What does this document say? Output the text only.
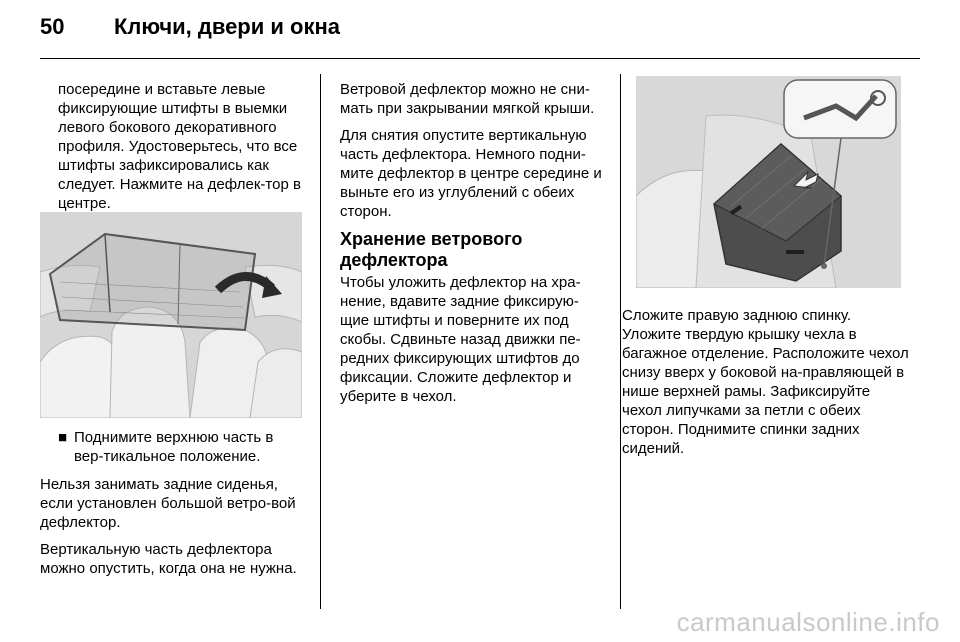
50 Ключи, двери и окна

посередине и вставьте левые фиксирующие штифты в выемки левого бокового декоративного профиля. Удостоверьтесь, что все штифты зафиксировались как следует. Нажмите на дефлек-тор в центре.

■ Поднимите верхнюю часть в вер-тикальное положение.

Нельзя занимать задние сиденья, если установлен большой ветро-вой дефлектор.

Вертикальную часть дефлектора можно опустить, когда она не нужна.

Ветровой дефлектор можно не сни-мать при закрывании мягкой крыши.

Для снятия опустите вертикальную часть дефлектора. Немного подни-мите дефлектор в центре середине и выньте его из углублений с обеих сторон.

Хранение ветрового дефлектора

Чтобы уложить дефлектор на хра-нение, вдавите задние фиксирую-щие штифты и поверните их под скобы. Сдвиньте назад движки пе-редних фиксирующих штифтов до фиксации. Сложите дефлектор и уберите в чехол.

Сложите правую заднюю спинку. Уложите твердую крышку чехла в багажное отделение. Расположите чехол снизу вверх у боковой на-правляющей в нише верхней рамы. Зафиксируйте чехол липучками за петли с обеих сторон. Поднимите спинки задних сидений.

carmanualsonline.info
